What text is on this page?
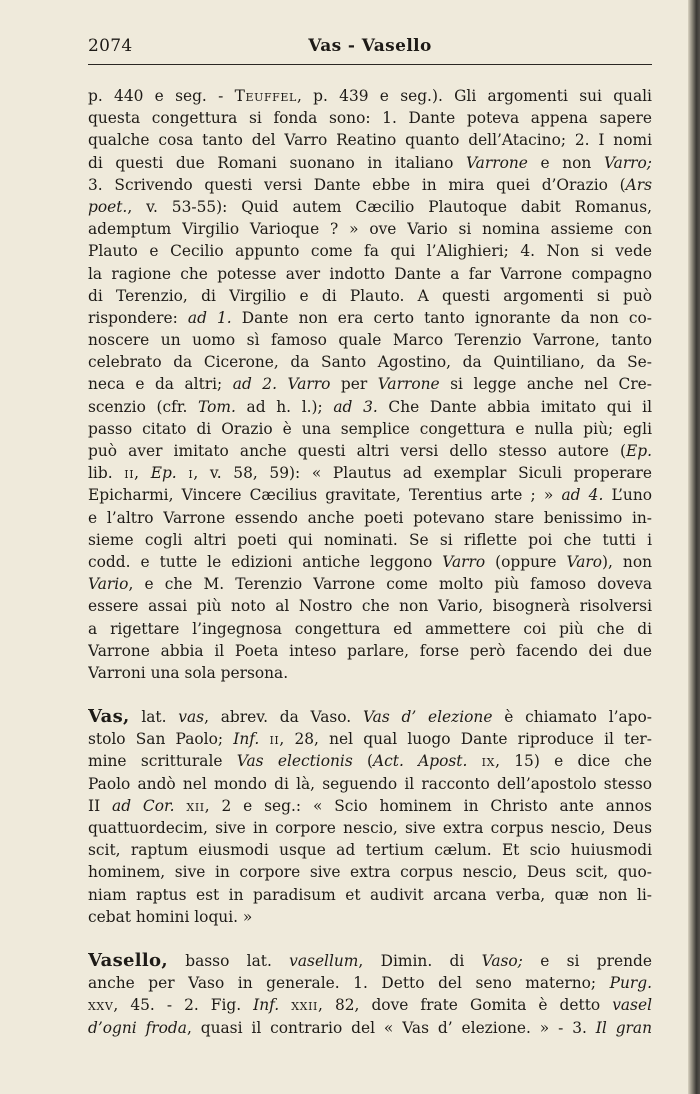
2074	Vas - Vasello
p. 440 e seg. - Teuffel, p. 439 e seg.). Gli argomenti sui quali
questa congettura si fonda sono: 1. Dante poteva appena sapere
qualche cosa tanto del Varro Reatino quanto dell’Atacino; 2. I nomi
di questi due Romani suonano in italiano Varrone e non Varro;
3. Scrivendo questi versi Dante ebbe in mira quei d’Orazio (Ars
poet., v. 53-55): Quid autem Cæcilio Plautoque dabit Romanus,
ademptum Virgilio Varioque ? » ove Vario si nomina assieme con
Plauto e Cecilio appunto come fa qui l’Alighieri; 4. Non si vede
la ragione che potesse aver indotto Dante a far Varrone compagno
di Terenzio, di Virgilio e di Plauto. A questi argomenti si può
rispondere: ad 1. Dante non era certo tanto ignorante da non co-
noscere un uomo sì famoso quale Marco Terenzio Varrone, tanto
celebrato da Cicerone, da Santo Agostino, da Quintiliano, da Se-
neca e da altri; ad 2. Varro per Varrone si legge anche nel Cre-
scenzio (cfr. Tom. ad h. l.); ad 3. Che Dante abbia imitato qui il
passo citato di Orazio è una semplice congettura e nulla più; egli
può aver imitato anche questi altri versi dello stesso autore (Ep.
lib. ii, Ep. i, v. 58, 59): « Plautus ad exemplar Siculi properare
Epicharmi, Vincere Cæcilius gravitate, Terentius arte ; » ad 4. L’uno
e l’altro Varrone essendo anche poeti potevano stare benissimo in-
sieme cogli altri poeti qui nominati. Se si riflette poi che tutti i
codd. e tutte le edizioni antiche leggono Varro (oppure Varo), non
Vario, e che M. Terenzio Varrone come molto più famoso doveva
essere assai più noto al Nostro che non Vario, bisognerà risolversi
a rigettare l’ingegnosa congettura ed ammettere coi più che di
Varrone abbia il Poeta inteso parlare, forse però facendo dei due
Varroni una sola persona.
Vas, lat. vas, abrev. da Vaso. Vas d’ elezione è chiamato l’apo-
stolo San Paolo; Inf. ii, 28, nel qual luogo Dante riproduce il ter-
mine scritturale Vas electionis (Act. Apost. ix, 15) e dice che
Paolo andò nel mondo di là, seguendo il racconto dell’apostolo stesso
II ad Cor. xii, 2 e seg.: « Scio hominem in Christo ante annos
quattuordecim, sive in corpore nescio, sive extra corpus nescio, Deus
scit, raptum eiusmodi usque ad tertium cælum. Et scio huiusmodi
hominem, sive in corpore sive extra corpus nescio, Deus scit, quo-
niam raptus est in paradisum et audivit arcana verba, quæ non li-
cebat homini loqui. »
Vasello, basso lat. vasellum, Dimin. di Vaso; e si prende
anche per Vaso in generale. 1. Detto del seno materno; Purg.
xxv, 45. - 2. Fig. Inf. xxii, 82, dove frate Gomita è detto vasel
d’ogni froda, quasi il contrario del « Vas d’ elezione. » - 3. Il gran
